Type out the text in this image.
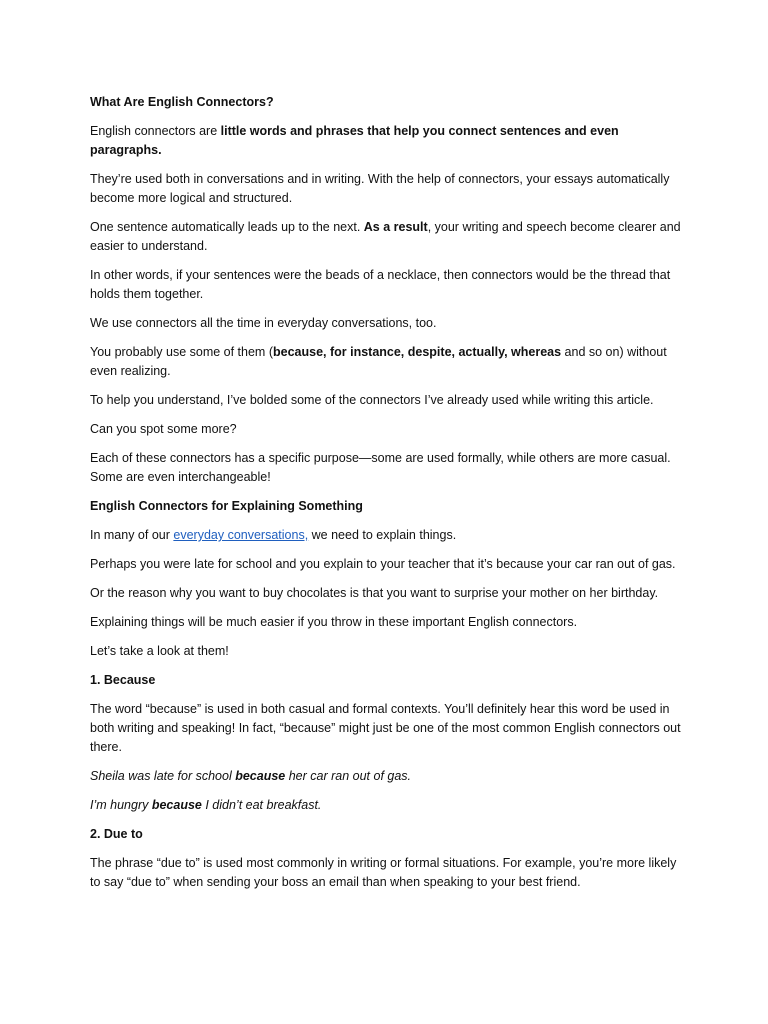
What Are English Connectors?

English connectors are little words and phrases that help you connect sentences and even paragraphs.

They’re used both in conversations and in writing. With the help of connectors, your essays automatically become more logical and structured.

One sentence automatically leads up to the next. As a result, your writing and speech become clearer and easier to understand.

In other words, if your sentences were the beads of a necklace, then connectors would be the thread that holds them together.

We use connectors all the time in everyday conversations, too.

You probably use some of them (because, for instance, despite, actually, whereas and so on) without even realizing.

To help you understand, I’ve bolded some of the connectors I’ve already used while writing this article.

Can you spot some more?

Each of these connectors has a specific purpose—some are used formally, while others are more casual. Some are even interchangeable!

English Connectors for Explaining Something

In many of our everyday conversations, we need to explain things.

Perhaps you were late for school and you explain to your teacher that it’s because your car ran out of gas.

Or the reason why you want to buy chocolates is that you want to surprise your mother on her birthday.

Explaining things will be much easier if you throw in these important English connectors.

Let’s take a look at them!

1. Because

The word “because” is used in both casual and formal contexts. You’ll definitely hear this word be used in both writing and speaking! In fact, “because” might just be one of the most common English connectors out there.

Sheila was late for school because her car ran out of gas.

I’m hungry because I didn’t eat breakfast.

2. Due to

The phrase “due to” is used most commonly in writing or formal situations. For example, you’re more likely to say “due to” when sending your boss an email than when speaking to your best friend.
